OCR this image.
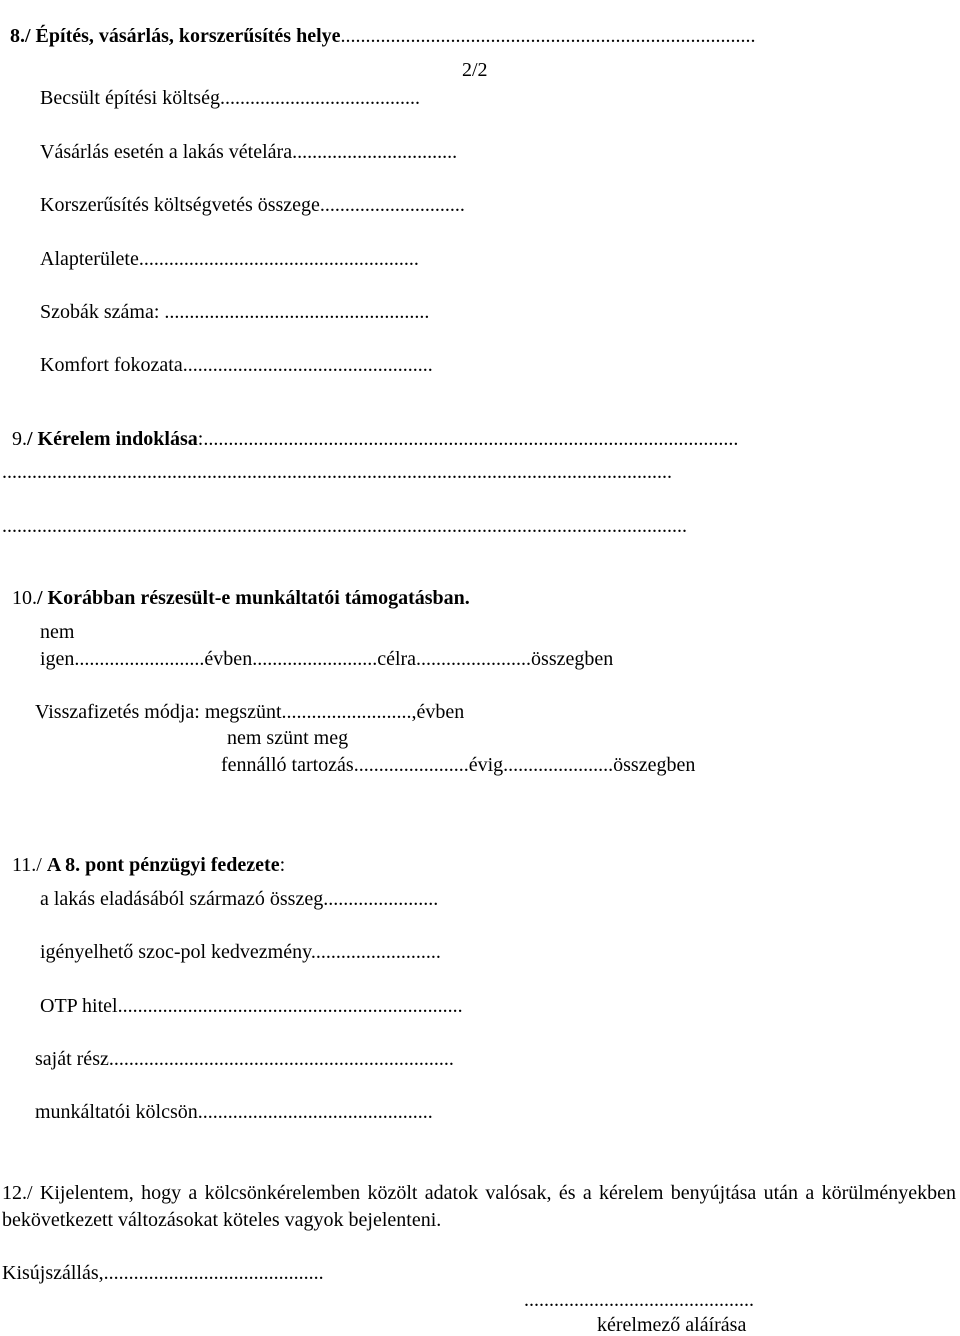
8./ Építés, vásárlás, korszerűsítés helye...................................................................................

2/2
Becsült építési költség........................................
Vásárlás esetén a lakás vételára.................................
Korszerűsítés költségvetés összege.............................
Alapterülete........................................................
Szobák száma: .....................................................
Komfort fokozata..................................................

9./ Kérelem indoklása:...........................................................................................................

......................................................................................................................................
.........................................................................................................................................

10./ Korábban részesült-e munkáltatói támogatásban.

nem
igen..........................évben.........................célra.......................összegben
Visszafizetés módja: megszünt..........................,évben
nem szünt meg
fennálló tartozás.......................évig......................összegben

11./ A 8. pont pénzügyi fedezete:

a lakás eladásából származó összeg.......................
igényelhető szoc-pol kedvezmény..........................
OTP hitel.....................................................................
saját rész.....................................................................
munkáltatói kölcsön...............................................
12./ Kijelentem, hogy a kölcsönkérelemben közölt adatok valósak, és a kérelem benyújtása után a körülményekben bekövetkezett változásokat köteles vagyok bejelenteni.
Kisújszállás,............................................
..............................................
kérelmező aláírása
